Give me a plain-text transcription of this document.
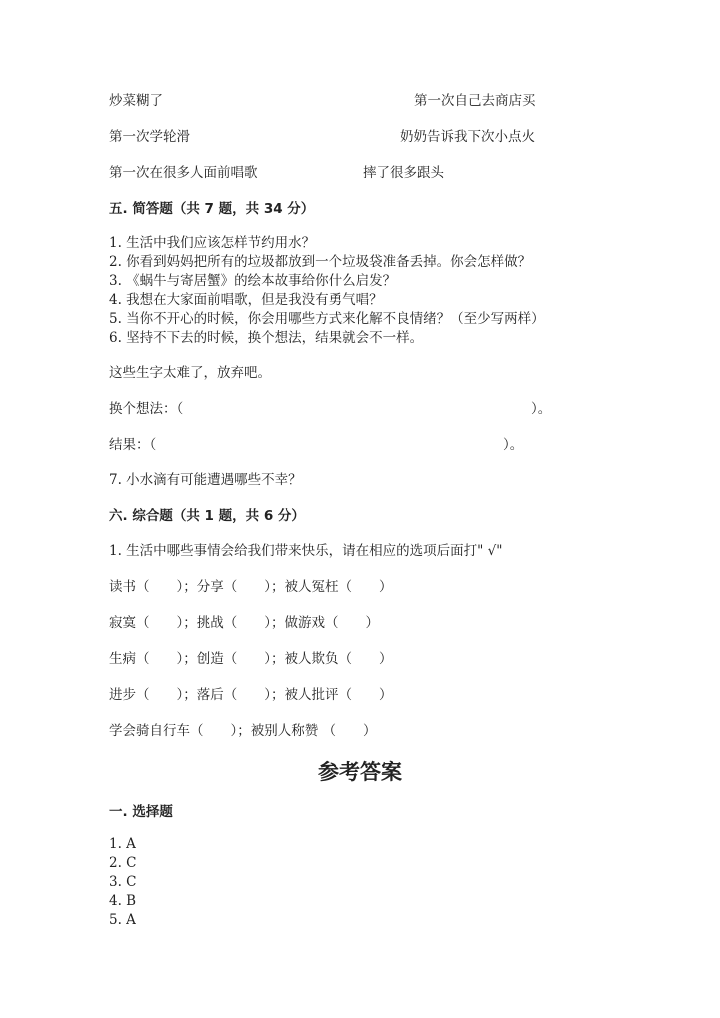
炒菜糊了	第一次自己去商店买
第一次学轮滑	奶奶告诉我下次小点火
第一次在很多人面前唱歌	摔了很多跟头
五. 简答题（共 7 题，共 34 分）
1. 生活中我们应该怎样节约用水？
2. 你看到妈妈把所有的垃圾都放到一个垃圾袋准备丢掉。你会怎样做？
3. 《蜗牛与寄居蟹》的绘本故事给你什么启发？
4. 我想在大家面前唱歌，但是我没有勇气唱？
5. 当你不开心的时候，你会用哪些方式来化解不良情绪？（至少写两样）
6. 坚持不下去的时候，换个想法，结果就会不一样。
这些生字太难了，放弃吧。
换个想法：（	）。
结果：（	）。
7. 小水滴有可能遭遇哪些不幸？
六. 综合题（共 1 题，共 6 分）
1. 生活中哪些事情会给我们带来快乐，请在相应的选项后面打" √"
读书（　　）；分享（　　）；被人冤枉（　　）
寂寞（　　）；挑战（　　）；做游戏（　　）
生病（　　）；创造（　　）；被人欺负（　　）
进步（　　）；落后（　　）；被人批评（　　）
学会骑自行车（　　）；被别人称赞 （　　）
参考答案
一. 选择题
1. A
2. C
3. C
4. B
5. A
